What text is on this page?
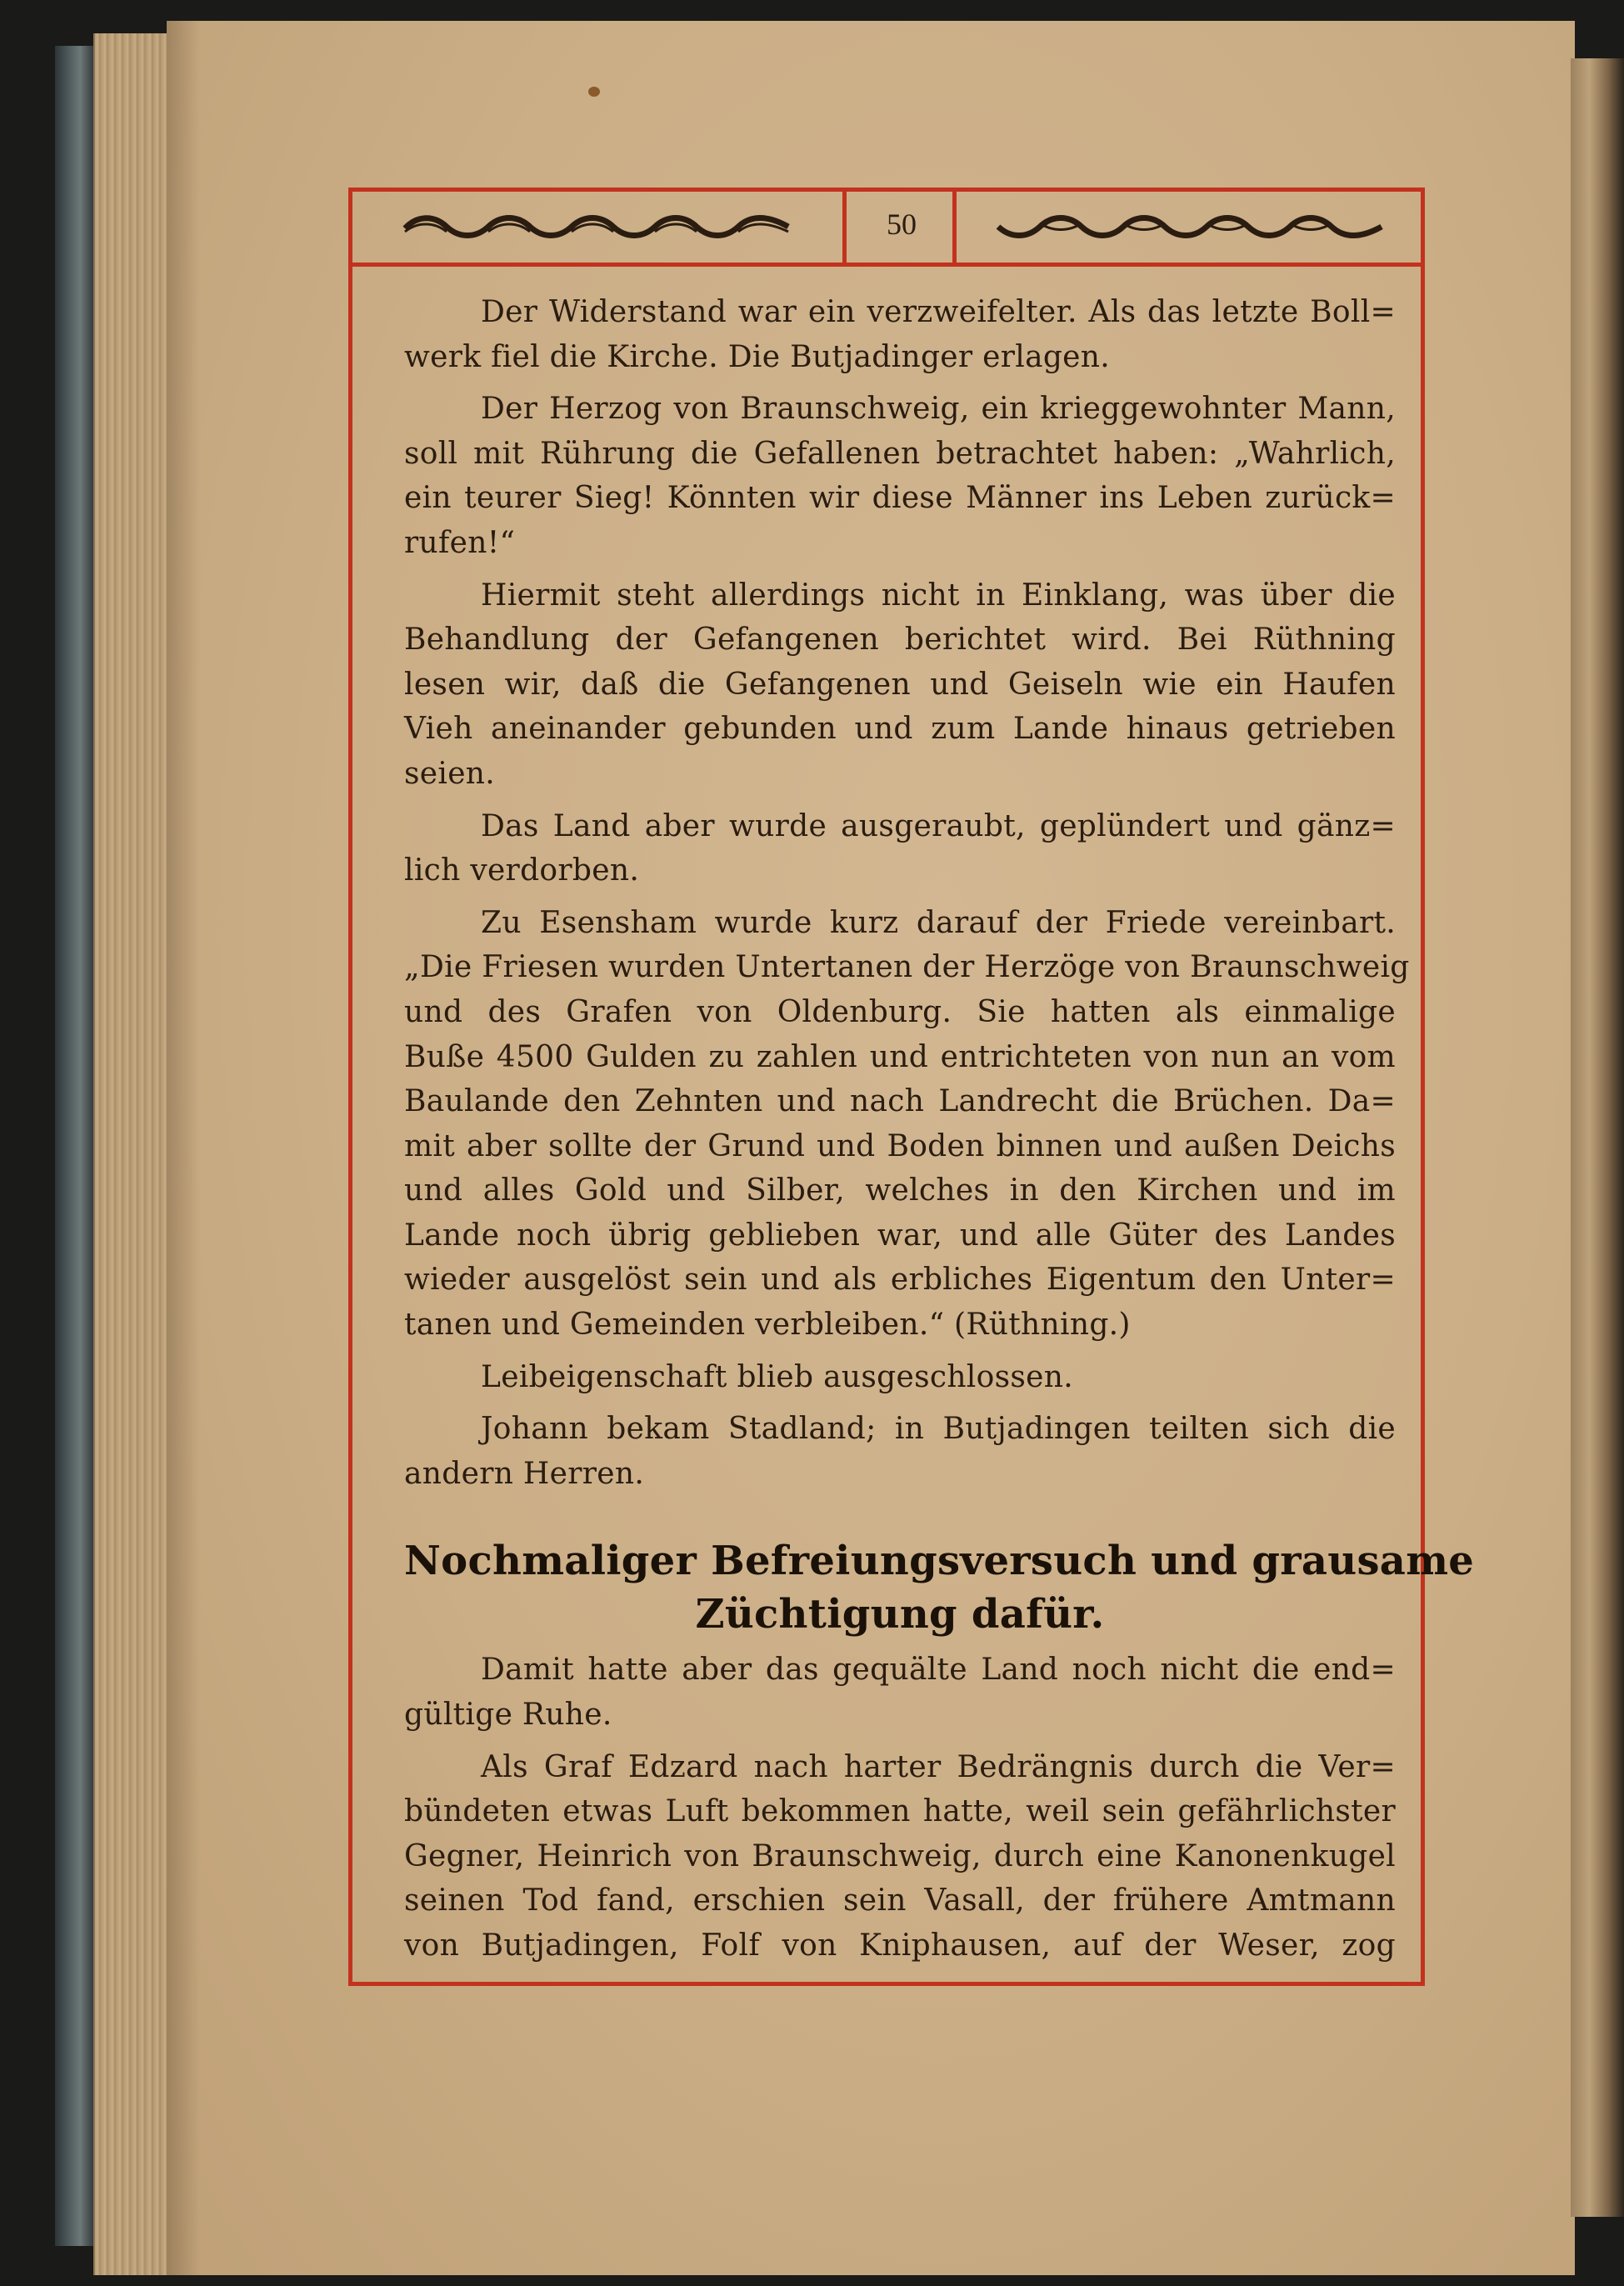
50
Der Widerstand war ein verzweifelter. Als das letzte Boll=
werk fiel die Kirche. Die Butjadinger erlagen.
Der Herzog von Braunschweig, ein krieggewohnter Mann,
soll mit Rührung die Gefallenen betrachtet haben: „Wahrlich,
ein teurer Sieg! Könnten wir diese Männer ins Leben zurück=
rufen!“
Hiermit steht allerdings nicht in Einklang, was über die
Behandlung der Gefangenen berichtet wird. Bei Rüthning
lesen wir, daß die Gefangenen und Geiseln wie ein Haufen
Vieh aneinander gebunden und zum Lande hinaus getrieben
seien.
Das Land aber wurde ausgeraubt, geplündert und gänz=
lich verdorben.
Zu Esensham wurde kurz darauf der Friede vereinbart.
„Die Friesen wurden Untertanen der Herzöge von Braunschweig
und des Grafen von Oldenburg. Sie hatten als einmalige
Buße 4500 Gulden zu zahlen und entrichteten von nun an vom
Baulande den Zehnten und nach Landrecht die Brüchen. Da=
mit aber sollte der Grund und Boden binnen und außen Deichs
und alles Gold und Silber, welches in den Kirchen und im
Lande noch übrig geblieben war, und alle Güter des Landes
wieder ausgelöst sein und als erbliches Eigentum den Unter=
tanen und Gemeinden verbleiben.“ (Rüthning.)
Leibeigenschaft blieb ausgeschlossen.
Johann bekam Stadland; in Butjadingen teilten sich die
andern Herren.
Nochmaliger Befreiungsversuch und grausame
Züchtigung dafür.
Damit hatte aber das gequälte Land noch nicht die end=
gültige Ruhe.
Als Graf Edzard nach harter Bedrängnis durch die Ver=
bündeten etwas Luft bekommen hatte, weil sein gefährlichster
Gegner, Heinrich von Braunschweig, durch eine Kanonenkugel
seinen Tod fand, erschien sein Vasall, der frühere Amtmann
von Butjadingen, Folf von Kniphausen, auf der Weser, zog
